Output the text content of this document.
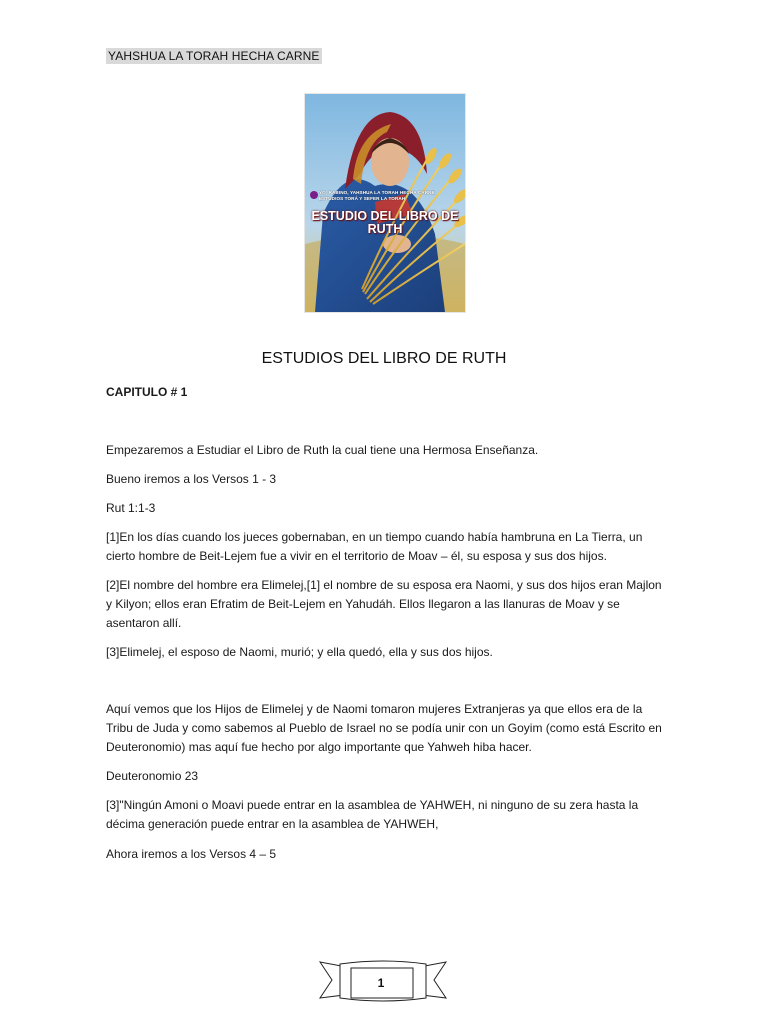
YAHSHUA LA TORAH HECHA CARNE
YO, RABINO, YAHSHUA LA TORAH HECHA CARNE, ESTUDIOS TORÁ Y SEFER LA TORAH
ESTUDIO DEL LIBRO DE RUTH
ESTUDIOS DEL LIBRO DE RUTH

CAPITULO # 1

Empezaremos a Estudiar el Libro de Ruth la cual tiene una Hermosa Enseñanza.

Bueno iremos a los Versos 1 - 3

Rut 1:1-3

[1]En los días cuando los jueces gobernaban, en un tiempo cuando había hambruna en La Tierra, un cierto hombre de Beit-Lejem fue a vivir en el territorio de Moav – él, su esposa y sus dos hijos.

[2]El nombre del hombre era Elimelej,[1] el nombre de su esposa era Naomi, y sus dos hijos eran Majlon y Kilyon; ellos eran Efratim de Beit-Lejem en Yahudáh. Ellos llegaron a las llanuras de Moav y se asentaron allí.

[3]Elimelej, el esposo de Naomi, murió; y ella quedó, ella y sus dos hijos.

Aquí vemos que los Hijos de Elimelej y de Naomi tomaron mujeres Extranjeras ya que ellos era de la Tribu de Juda y como sabemos al Pueblo de Israel no se podía unir con un Goyim (como está Escrito en Deuteronomio) mas aquí fue hecho por algo importante que Yahweh hiba hacer.

Deuteronomio 23

[3]"Ningún Amoni o Moavi puede entrar en la asamblea de YAHWEH, ni ninguno de su zera hasta la décima generación puede entrar en la asamblea de YAHWEH,

Ahora iremos a los Versos 4 – 5

1
